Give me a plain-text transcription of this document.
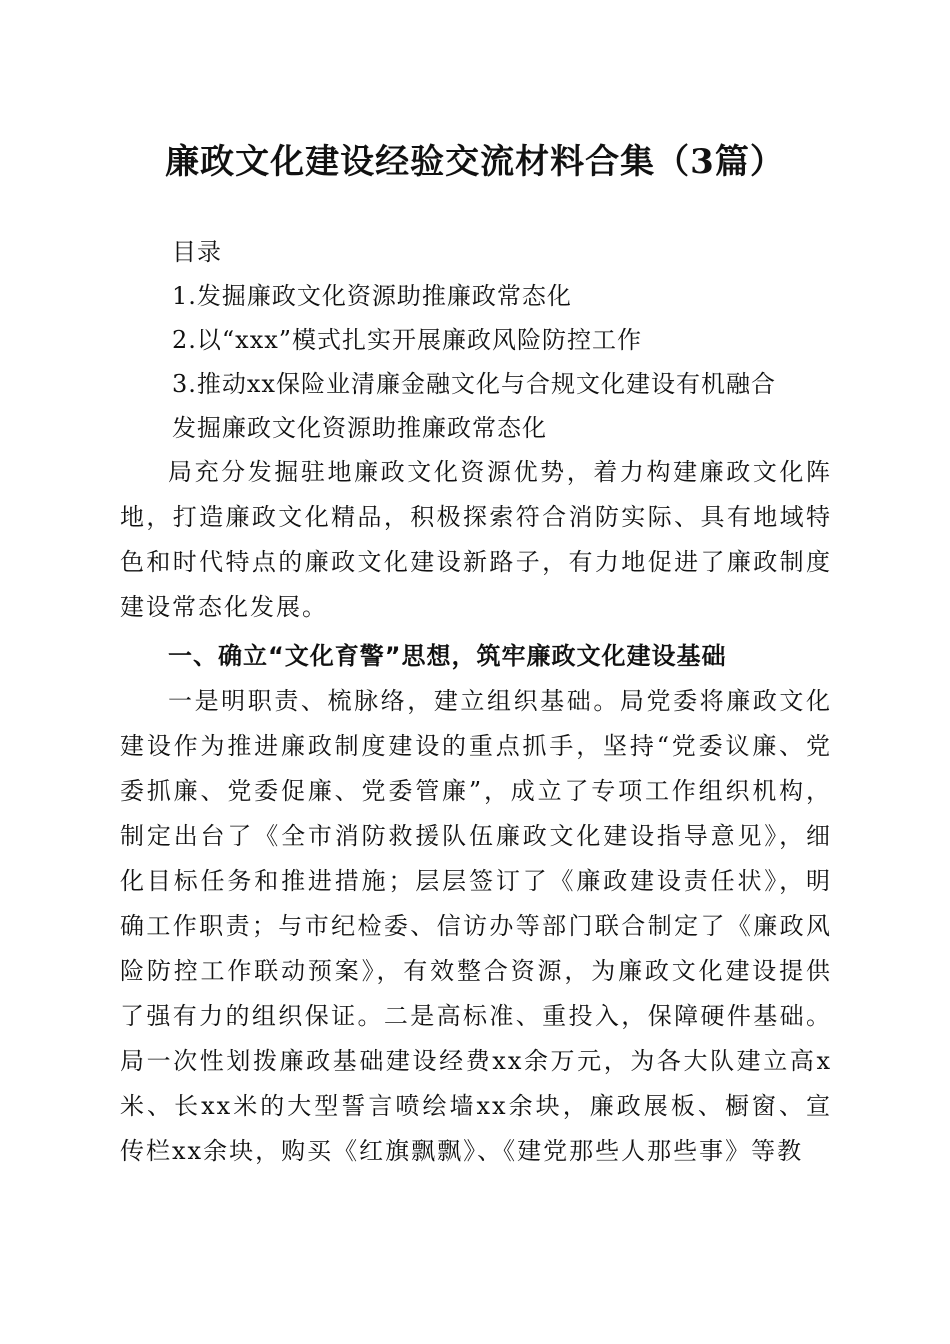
廉政文化建设经验交流材料合集（3篇）
目录
1.发掘廉政文化资源助推廉政常态化
2.以“xxx”模式扎实开展廉政风险防控工作
3.推动xx保险业清廉金融文化与合规文化建设有机融合
发掘廉政文化资源助推廉政常态化

局充分发掘驻地廉政文化资源优势，着力构建廉政文化阵地，打造廉政文化精品，积极探索符合消防实际、具有地域特色和时代特点的廉政文化建设新路子，有力地促进了廉政制度建设常态化发展。

一、确立“文化育警”思想，筑牢廉政文化建设基础

一是明职责、梳脉络，建立组织基础。局党委将廉政文化建设作为推进廉政制度建设的重点抓手，坚持“党委议廉、党委抓廉、党委促廉、党委管廉”，成立了专项工作组织机构，制定出台了《全市消防救援队伍廉政文化建设指导意见》，细化目标任务和推进措施；层层签订了《廉政建设责任状》，明确工作职责；与市纪检委、信访办等部门联合制定了《廉政风险防控工作联动预案》，有效整合资源，为廉政文化建设提供了强有力的组织保证。二是高标准、重投入，保障硬件基础。局一次性划拨廉政基础建设经费xx余万元，为各大队建立高x米、长xx米的大型誓言喷绘墙xx余块，廉政展板、橱窗、宣传栏xx余块，购买《红旗飘飘》、《建党那些人那些事》等教
